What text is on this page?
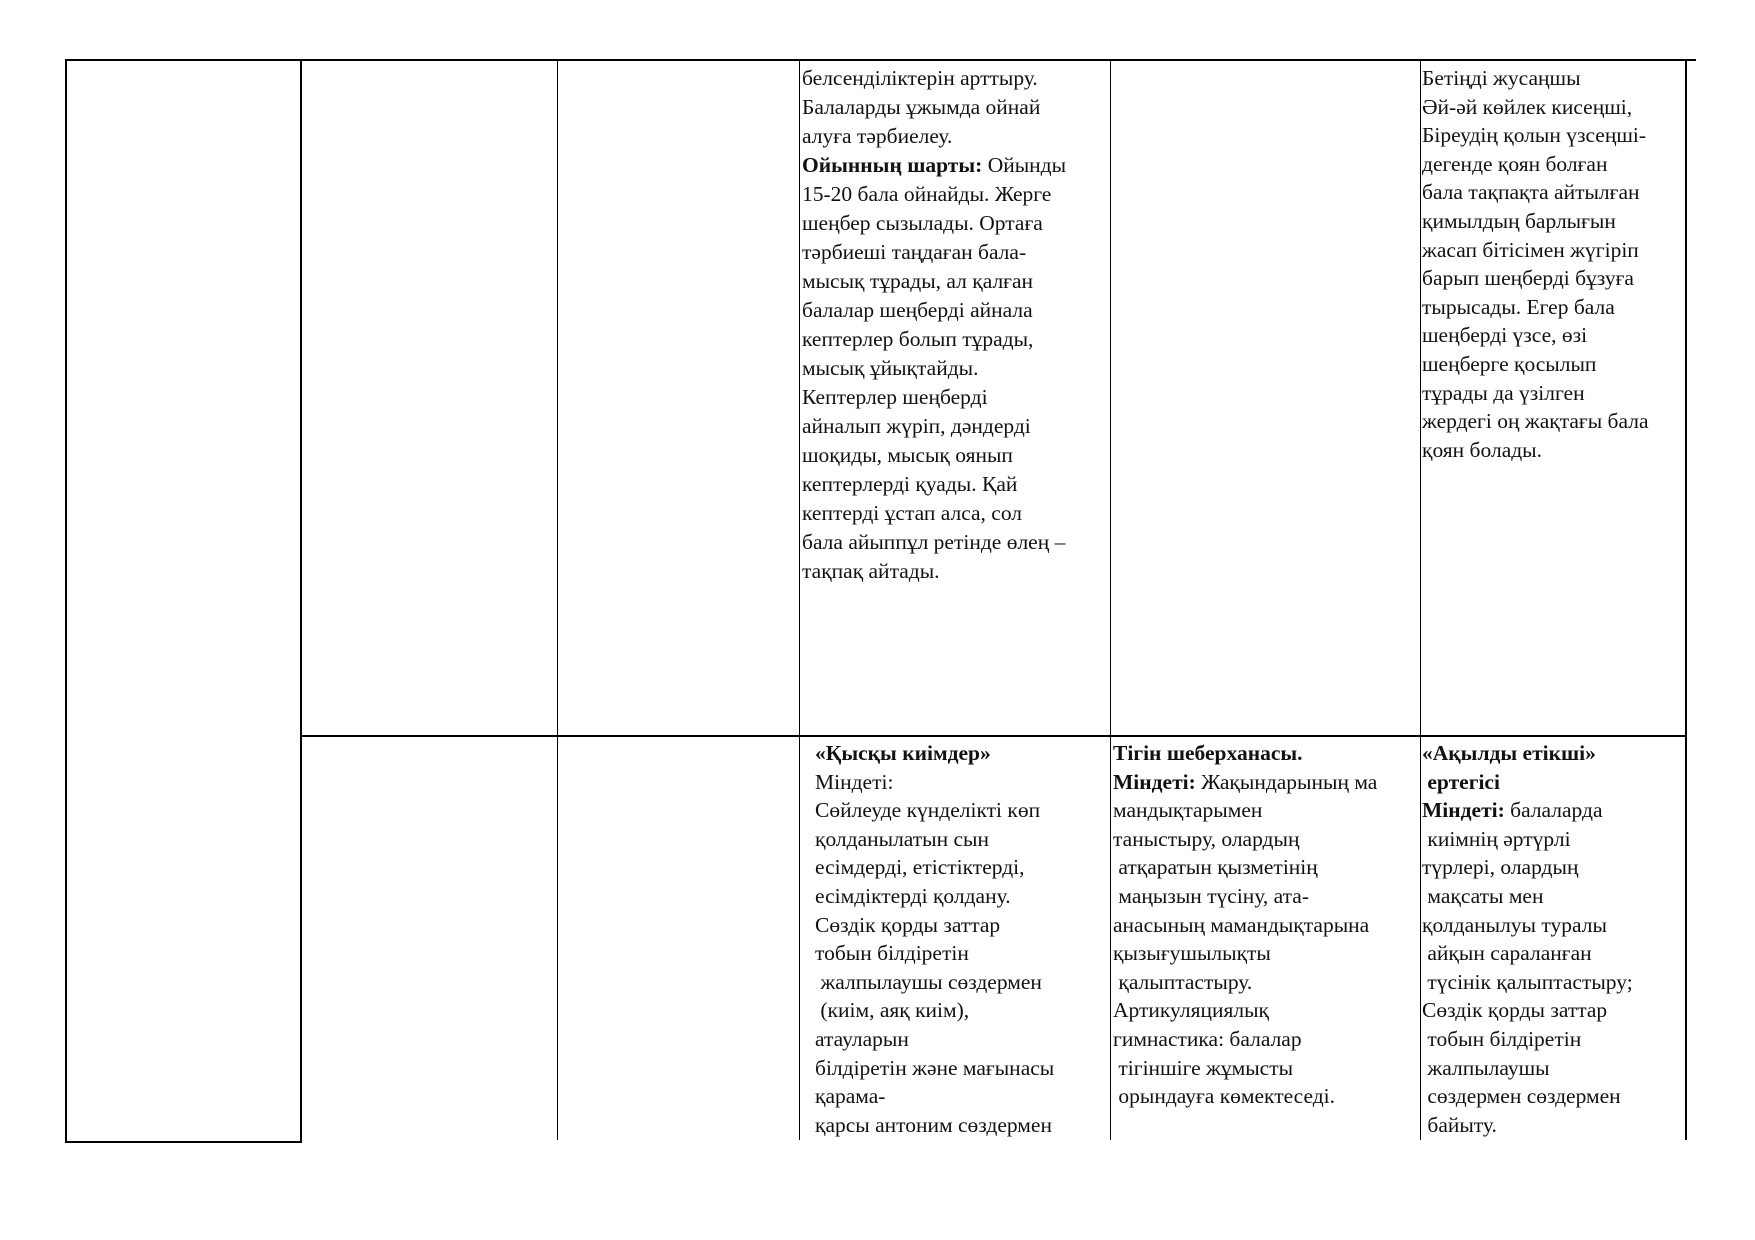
белсенділіктерін арттыру.
Балаларды ұжымда ойнай
алуға тәрбиелеу.
Ойынның шарты: Ойынды
15-20 бала ойнайды. Жерге
шеңбер сызылады. Ортаға
тәрбиеші таңдаған бала-
мысық тұрады, ал қалған
балалар шеңберді айнала
кептерлер болып тұрады,
мысық ұйықтайды.
Кептерлер шеңберді
айналып жүріп, дәндерді
шоқиды, мысық оянып
кептерлерді қуады. Қай
кептерді ұстап алса, сол
бала айыппұл ретінде өлең –
тақпақ айтады.
Бетіңді жусаңшы
Әй-әй көйлек кисеңші,
Біреудің қолын үзсеңші-
дегенде қоян болған
бала тақпақта айтылған
қимылдың барлығын
жасап бітісімен жүгіріп
барып шеңберді бұзуға
тырысады. Егер бала
шеңберді үзсе, өзі
шеңберге қосылып
тұрады да үзілген
жердегі оң жақтағы бала
қоян болады.
«Қысқы киімдер»
Міндеті:
Сөйлеуде күнделікті көп
қолданылатын сын
есімдерді, етістіктерді,
есімдіктерді қолдану.
Сөздік қорды заттар
тобын білдіретін
жалпылаушы сөздермен
(киім, аяқ киім),
атауларын
білдіретін және мағынасы
қарама-
қарсы антоним сөздермен
Тігін шеберханасы.
Міндеті: Жақындарының ма
мандықтарымен
таныстыру, олардың
атқаратын қызметінің
маңызын түсіну, ата-
анасының мамандықтарына
қызығушылықты
қалыптастыру.
Артикуляциялық
гимнастика: балалар
тігіншіге жұмысты
орындауға көмектеседі.
«Ақылды етікші»
ертегісі
Міндеті: балаларда
киімнің әртүрлі
түрлері, олардың
мақсаты мен
қолданылуы туралы
айқын сараланған
түсінік қалыптастыру;
Сөздік қорды заттар
тобын білдіретін
жалпылаушы
сөздермен сөздермен
байыту.
